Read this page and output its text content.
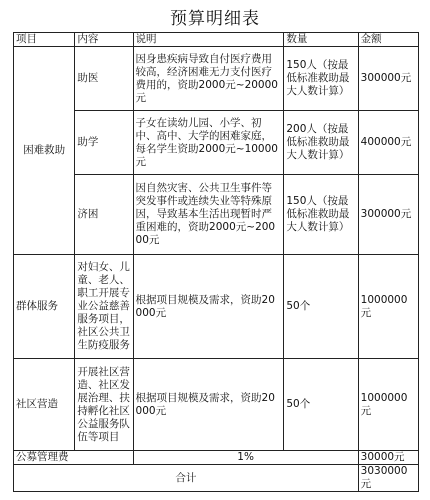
预算明细表
项目	内容	说明	数量	金额
困难救助	助医	因身患疾病导致自付医疗费用较高，经济困难无力支付医疗费用的，资助2000元~20000元	150人（按最低标准救助最大人数计算）	300000元
	助学	子女在读幼儿园、小学、初中、高中、大学的困难家庭，每名学生资助2000元~10000元	200人（按最低标准救助最大人数计算）	400000元
	济困	因自然灾害、公共卫生事件等突发事件或连续失业等特殊原因，导致基本生活出现暂时严重困难的，资助2000元~20000元	150人（按最低标准救助最大人数计算）	300000元
群体服务	对妇女、儿童、老人、职工开展专业公益慈善服务项目，社区公共卫生防疫服务	根据项目规模及需求，资助20000元	50个	1000000元
社区营造	开展社区营造、社区发展治理、扶持孵化社区公益服务队伍等项目	根据项目规模及需求，资助20000元	50个	1000000元
公募管理费		1%		30000元
合计				3030000元
